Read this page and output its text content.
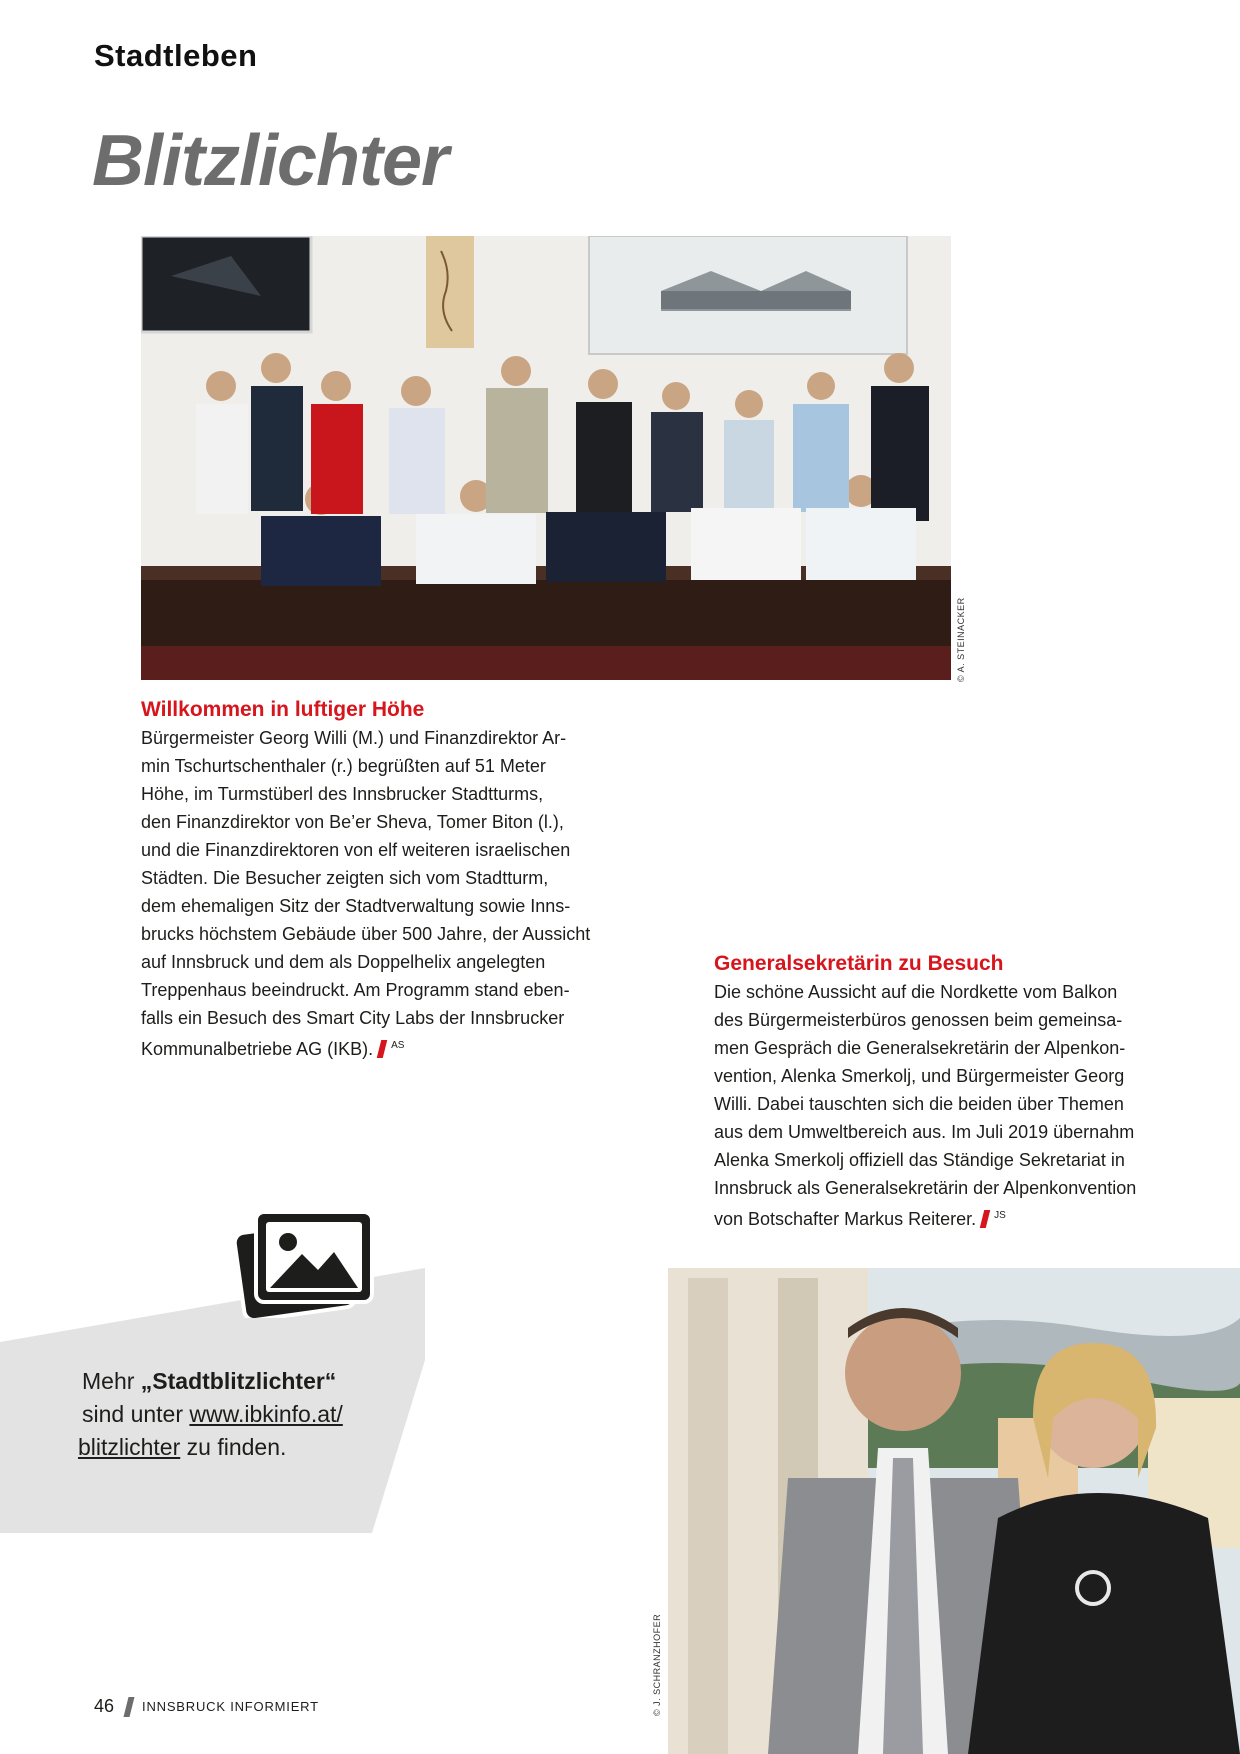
Stadtleben
Blitzlichter
© A. STEINACKER
Willkommen in luftiger Höhe
Bürgermeister Georg Willi (M.) und Finanzdirektor Ar-
min Tschurtschenthaler (r.) begrüßten auf 51 Meter
Höhe, im Turmstüberl des Innsbrucker Stadtturms,
den Finanzdirektor von Be’er Sheva, Tomer Biton (l.),
und die Finanzdirektoren von elf weiteren israelischen
Städten. Die Besucher zeigten sich vom Stadtturm,
dem ehemaligen Sitz der Stadtverwaltung sowie Inns-
brucks höchstem Gebäude über 500 Jahre, der Aussicht
auf Innsbruck und dem als Doppelhelix angelegten
Treppenhaus beeindruckt. Am Programm stand eben-
falls ein Besuch des Smart City Labs der Innsbrucker
Kommunalbetriebe AG (IKB). $^{AS}$
Generalsekretärin zu Besuch
Die schöne Aussicht auf die Nordkette vom Balkon
des Bürgermeisterbüros genossen beim gemeinsa-
men Gespräch die Generalsekretärin der Alpenkon-
vention, Alenka Smerkolj, und Bürgermeister Georg
Willi. Dabei tauschten sich die beiden über Themen
aus dem Umweltbereich aus. Im Juli 2019 übernahm
Alenka Smerkolj offiziell das Ständige Sekretariat in
Innsbruck als Generalsekretärin der Alpenkonvention
von Botschafter Markus Reiterer. $^{JS}$
Mehr „Stadtblitzlichter“
sind unter www.ibkinfo.at/
blitzlichter zu finden.
© J. SCHRANZHOFER
46 INNSBRUCK INFORMIERT
